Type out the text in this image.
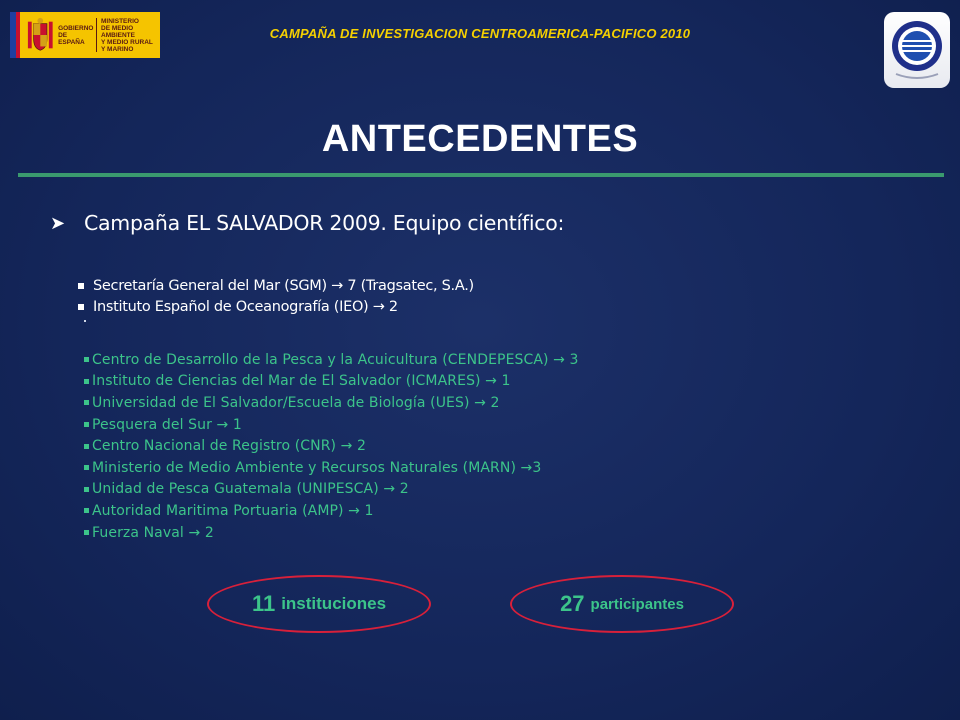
GOBIERNO
DE ESPAÑA
MINISTERIO
DE MEDIO AMBIENTE
Y MEDIO RURAL
Y MARINO
CAMPAÑA DE INVESTIGACION CENTROAMERICA-PACIFICO 2010
ANTECEDENTES
➤ Campaña EL SALVADOR 2009. Equipo científico:
Secretaría General del Mar (SGM) → 7 (Tragsatec, S.A.)
Instituto Español de Oceanografía (IEO) → 2
Centro de Desarrollo de la Pesca y la Acuicultura (CENDEPESCA) → 3
Instituto de Ciencias del Mar de El Salvador (ICMARES) → 1
Universidad de El Salvador/Escuela de Biología (UES) → 2
Pesquera del Sur → 1
Centro Nacional de Registro (CNR) → 2
Ministerio de Medio Ambiente y Recursos Naturales (MARN) →3
Unidad de Pesca Guatemala (UNIPESCA) → 2
Autoridad Maritima Portuaria (AMP) → 1
Fuerza Naval → 2
11 instituciones	27 participantes
